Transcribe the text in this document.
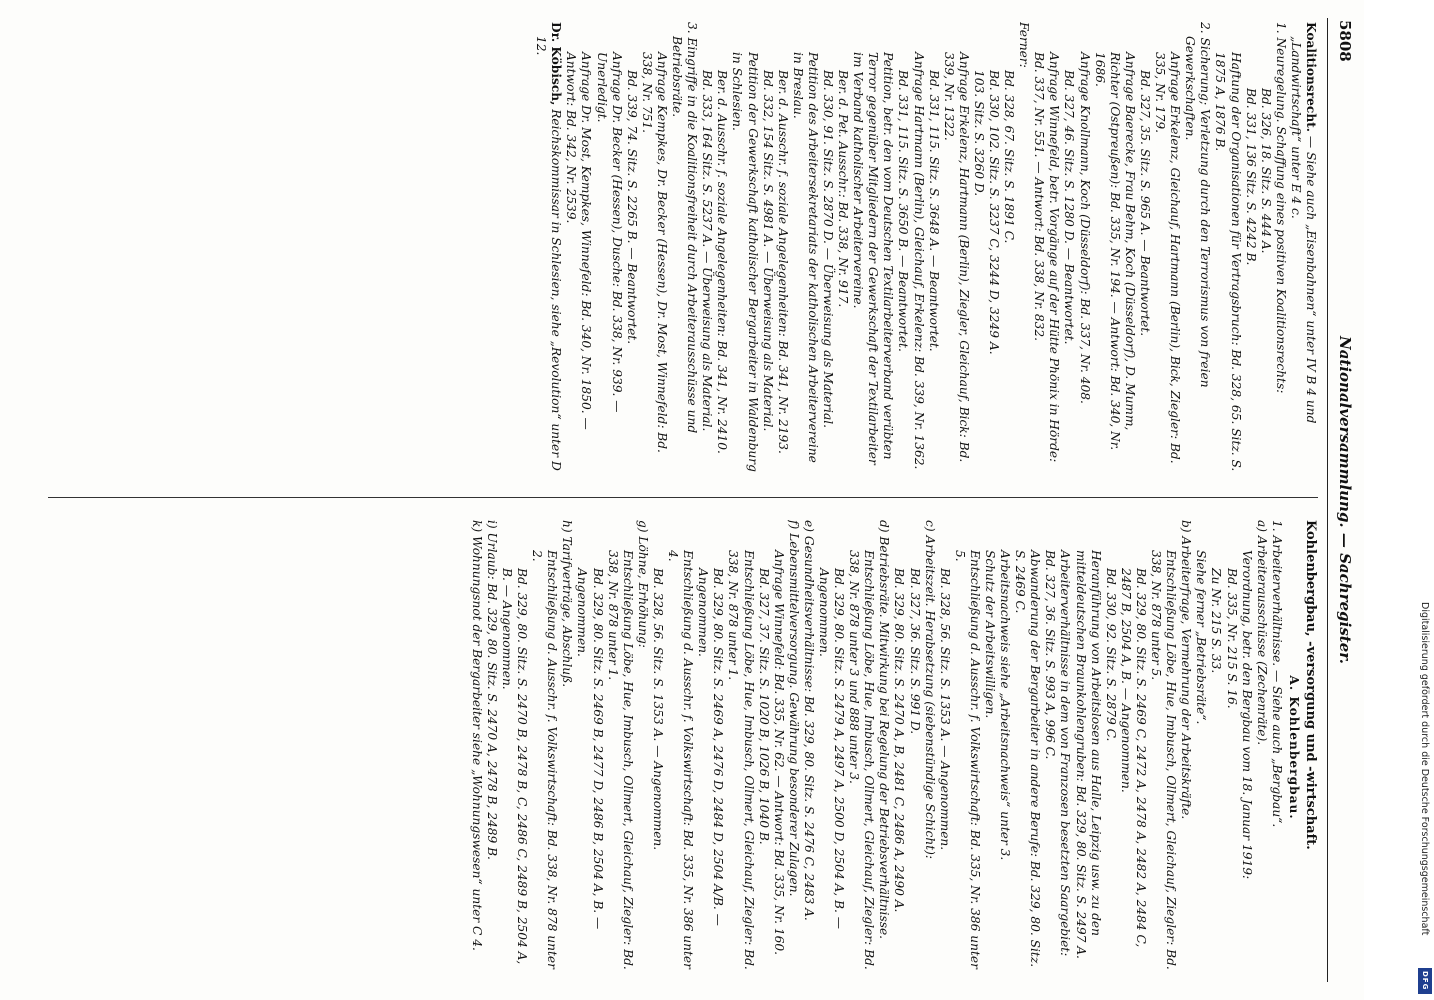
5808
Nationalversammlung. — Sachregister.

Koalitionsrecht. — Siehe auch „Eisenbahnen“ unter IV B 4 und „Landwirtschaft“ unter E 4 c.

1. Neuregelung. Schaffung eines positiven Koalitionsrechts:

Bd. 326, 18. Sitz. S. 444 A.

Bd. 331, 136 Sitz. S. 4242 B.

Haftung der Organisationen für Vertragsbruch: Bd. 328, 65. Sitz. S. 1875 A, 1876 B.

2. Sicherung; Verletzung durch den Terrorismus von freien Gewerkschaften.

Anfrage Erkelenz, Gleichauf, Hartmann (Berlin), Bick, Ziegler: Bd. 335, Nr. 179.

Bd. 327, 35. Sitz. S. 965 A. — Beantwortet.

Anfrage Baerecke, Frau Behm, Koch (Düsseldorf), D. Mumm, Richter (Ostpreußen): Bd. 335, Nr. 194. — Antwort: Bd. 340, Nr. 1686.

Anfrage Knollmann, Koch (Düsseldorf): Bd. 337, Nr. 408.

Bd. 327, 46. Sitz. S. 1280 D. — Beantwortet.

Anfrage Winnefeld, betr. Vorgänge auf der Hütte Phönix in Hörde: Bd. 337, Nr. 551. — Antwort: Bd. 338, Nr. 832.

Ferner:

Bd. 328, 67. Sitz. S. 1891 C.

Bd. 330, 102. Sitz. S. 3237 C, 3244 D, 3249 A.

103. Sitz. S. 3260 D.

Anfrage Erkelenz, Hartmann (Berlin), Ziegler, Gleichauf, Bick: Bd. 339, Nr. 1322.

Bd. 331, 115. Sitz. S. 3648 A. — Beantwortet.

Anfrage Hartmann (Berlin), Gleichauf, Erkelenz: Bd. 339, Nr. 1362.

Bd. 331, 115. Sitz. S. 3650 B. — Beantwortet.

Petition, betr. den vom Deutschen Textilarbeiterverband verübten Terror gegenüber Mitgliedern der Gewerkschaft der Textilarbeiter im Verband katholischer Arbeitervereine.

Ber. d. Pet. Ausschr.: Bd. 338, Nr. 917.

Bd. 330, 91. Sitz. S. 2870 D. — Überweisung als Material.

Petition des Arbeitersekretariats der katholischen Arbeitervereine in Breslau.

Ber. d. Ausschr. f. soziale Angelegenheiten: Bd. 341, Nr. 2193.

Bd. 332, 154 Sitz. S. 4981 A. — Überweisung als Material.

Petition der Gewerkschaft katholischer Bergarbeiter in Waldenburg in Schlesien.

Ber. d. Ausschr. f. soziale Angelegenheiten: Bd. 341, Nr. 2410.

Bd. 333, 164 Sitz. S. 5237 A. — Überweisung als Material.

3. Eingriffe in die Koalitionsfreiheit durch Arbeiterausschüsse und Betriebsräte.

Anfrage Kempkes, Dr. Becker (Hessen), Dr. Most, Winnefeld: Bd. 338, Nr. 751.

Bd. 339, 74. Sitz. S. 2265 B. — Beantwortet.

Anfrage Dr. Becker (Hessen), Dusche: Bd. 338, Nr. 939. — Unerledigt.

Anfrage Dr. Most, Kempkes, Winnefeld: Bd. 340, Nr. 1850. — Antwort: Bd. 342, Nr. 2539.

Dr. Köbisch, Reichskommissar in Schlesien, siehe „Revolution“ unter D 12.

Kohlenbergbau, -versorgung und -wirtschaft.

A. Kohlenbergbau.

1. Arbeiterverhältnisse. — Siehe auch „Bergbau“.

a) Arbeiterausschüsse (Zechenräte).

Verordnung, betr. den Bergbau vom 18. Januar 1919:

Bd. 335, Nr. 215 S. 16.

Zu Nr. 215 S. 33.

Siehe ferner „Betriebsräte“.

b) Arbeiterfrage, Vermehrung der Arbeitskräfte.

Entschließung Löbe, Hue, Imbusch, Ollmert, Gleichauf, Ziegler: Bd. 338, Nr. 878 unter 5.

Bd. 329, 80. Sitz. S. 2469 C, 2472 A, 2478 A, 2482 A, 2484 C, 2487 B, 2504 A, B. — Angenommen.

Bd. 330, 92. Sitz. S. 2879 C.

Heranführung von Arbeitslosen aus Halle, Leipzig usw. zu den mitteldeutschen Braunkohlengruben: Bd. 329, 80. Sitz. S. 2497 A.

Arbeiterverhältnisse in dem von Franzosen besetzten Saargebiet: Bd. 327, 36. Sitz. S. 993 A, 996 C.

Abwanderung der Bergarbeiter in andere Berufe: Bd. 329, 80. Sitz. S. 2469 C.

Arbeitsnachweis siehe „Arbeitsnachweis“ unter 3.

Schutz der Arbeitswilligen.

Entschließung d. Ausschr. f. Volkswirtschaft: Bd. 335, Nr. 386 unter 5.

Bd. 328, 56. Sitz. S. 1353 A. — Angenommen.

c) Arbeitszeit. Herabsetzung (siebenstündige Schicht):

Bd. 327, 36. Sitz. S. 991 D.

Bd. 329, 80. Sitz. S. 2470 A, B, 2481 C, 2486 A, 2490 A.

d) Betriebsräte. Mitwirkung bei Regelung der Betriebsverhältnisse.

Entschließung Löbe, Hue, Imbusch, Ollmert, Gleichauf, Ziegler: Bd. 338, Nr. 878 unter 3 und 888 unter 3.

Bd. 329, 80. Sitz. S. 2479 A, 2497 A, 2500 D, 2504 A, B. — Angenommen.

e) Gesundheitsverhältnisse: Bd. 329, 80. Sitz. S. 2476 C, 2483 A.

f) Lebensmittelversorgung. Gewährung besonderer Zulagen.

Anfrage Winnefeld: Bd. 335, Nr. 62. — Antwort: Bd. 335, Nr. 160.

Bd. 327, 37. Sitz. S. 1020 B, 1026 B, 1040 B.

Entschließung Löbe, Hue, Imbusch, Ollmert, Gleichauf, Ziegler: Bd. 338, Nr. 878 unter 1.

Bd. 329, 80. Sitz. S. 2469 A, 2476 D, 2484 D, 2504 A/B. — Angenommen.

Entschließung d. Ausschr. f. Volkswirtschaft: Bd. 335, Nr. 386 unter 4.

Bd. 328, 56. Sitz. S. 1353 A. — Angenommen.

g) Löhne, Erhöhung:

Entschließung Löbe, Hue, Imbusch, Ollmert, Gleichauf, Ziegler: Bd. 338, Nr. 878 unter 1.

Bd. 329, 80. Sitz. S. 2469 B, 2477 D, 2486 B, 2504 A, B. — Angenommen.

h) Tarifverträge, Abschluß.

Entschließung d. Ausschr. f. Volkswirtschaft: Bd. 338, Nr. 878 unter 2.

Bd. 329, 80. Sitz. S. 2470 B, 2478 B, C, 2486 C, 2489 B, 2504 A, B. — Angenommen.

i) Urlaub: Bd. 329, 80. Sitz. S. 2470 A, 2478 B, 2489 B.

k) Wohnungsnot der Bergarbeiter siehe „Wohnungswesen“ unter C 4.	Digitalisierung gefördert durch die Deutsche Forschungsgemeinschaft
DFG
